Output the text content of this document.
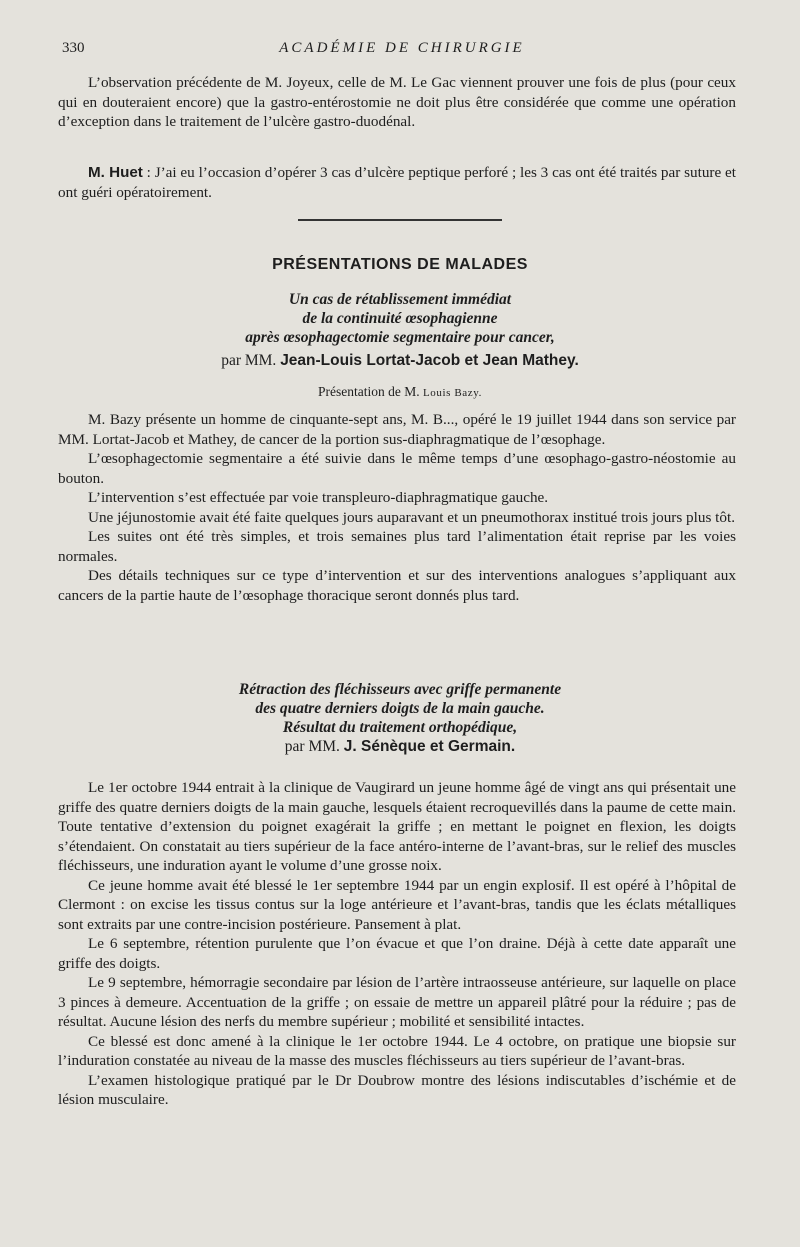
330	ACADÉMIE DE CHIRURGIE

L’observation précédente de M. Joyeux, celle de M. Le Gac viennent prouver une fois de plus (pour ceux qui en douteraient encore) que la gastro-entérostomie ne doit plus être considérée que comme une opération d’exception dans le traitement de l’ulcère gastro-duodénal.

M. Huet : J’ai eu l’occasion d’opérer 3 cas d’ulcère peptique perforé ; les 3 cas ont été traités par suture et ont guéri opératoirement.

PRÉSENTATIONS DE MALADES
Un cas de rétablissement immédiat
de la continuité œsophagienne
après œsophagectomie segmentaire pour cancer,
par MM. Jean-Louis Lortat-Jacob et Jean Mathey.
Présentation de M. Louis Bazy.

M. Bazy présente un homme de cinquante-sept ans, M. B..., opéré le 19 juillet 1944 dans son service par MM. Lortat-Jacob et Mathey, de cancer de la portion sus-diaphragmatique de l’œsophage.

L’œsophagectomie segmentaire a été suivie dans le même temps d’une œsophago-gastro-néostomie au bouton.

L’intervention s’est effectuée par voie transpleuro-diaphragmatique gauche.

Une jéjunostomie avait été faite quelques jours auparavant et un pneumothorax institué trois jours plus tôt.

Les suites ont été très simples, et trois semaines plus tard l’alimentation était reprise par les voies normales.

Des détails techniques sur ce type d’intervention et sur des interventions analogues s’appliquant aux cancers de la partie haute de l’œsophage thoracique seront donnés plus tard.

Rétraction des fléchisseurs avec griffe permanente
des quatre derniers doigts de la main gauche.
Résultat du traitement orthopédique,
par MM. J. Sénèque et Germain.

Le 1er octobre 1944 entrait à la clinique de Vaugirard un jeune homme âgé de vingt ans qui présentait une griffe des quatre derniers doigts de la main gauche, lesquels étaient recroquevillés dans la paume de cette main. Toute tentative d’extension du poignet exagérait la griffe ; en mettant le poignet en flexion, les doigts s’étendaient. On constatait au tiers supérieur de la face antéro-interne de l’avant-bras, sur le relief des muscles fléchisseurs, une induration ayant le volume d’une grosse noix.

Ce jeune homme avait été blessé le 1er septembre 1944 par un engin explosif. Il est opéré à l’hôpital de Clermont : on excise les tissus contus sur la loge antérieure et l’avant-bras, tandis que les éclats métalliques sont extraits par une contre-incision postérieure. Pansement à plat.

Le 6 septembre, rétention purulente que l’on évacue et que l’on draine. Déjà à cette date apparaît une griffe des doigts.

Le 9 septembre, hémorragie secondaire par lésion de l’artère intraosseuse antérieure, sur laquelle on place 3 pinces à demeure. Accentuation de la griffe ; on essaie de mettre un appareil plâtré pour la réduire ; pas de résultat. Aucune lésion des nerfs du membre supérieur ; mobilité et sensibilité intactes.

Ce blessé est donc amené à la clinique le 1er octobre 1944. Le 4 octobre, on pratique une biopsie sur l’induration constatée au niveau de la masse des muscles fléchisseurs au tiers supérieur de l’avant-bras.

L’examen histologique pratiqué par le Dr Doubrow montre des lésions indiscutables d’ischémie et de lésion musculaire.
